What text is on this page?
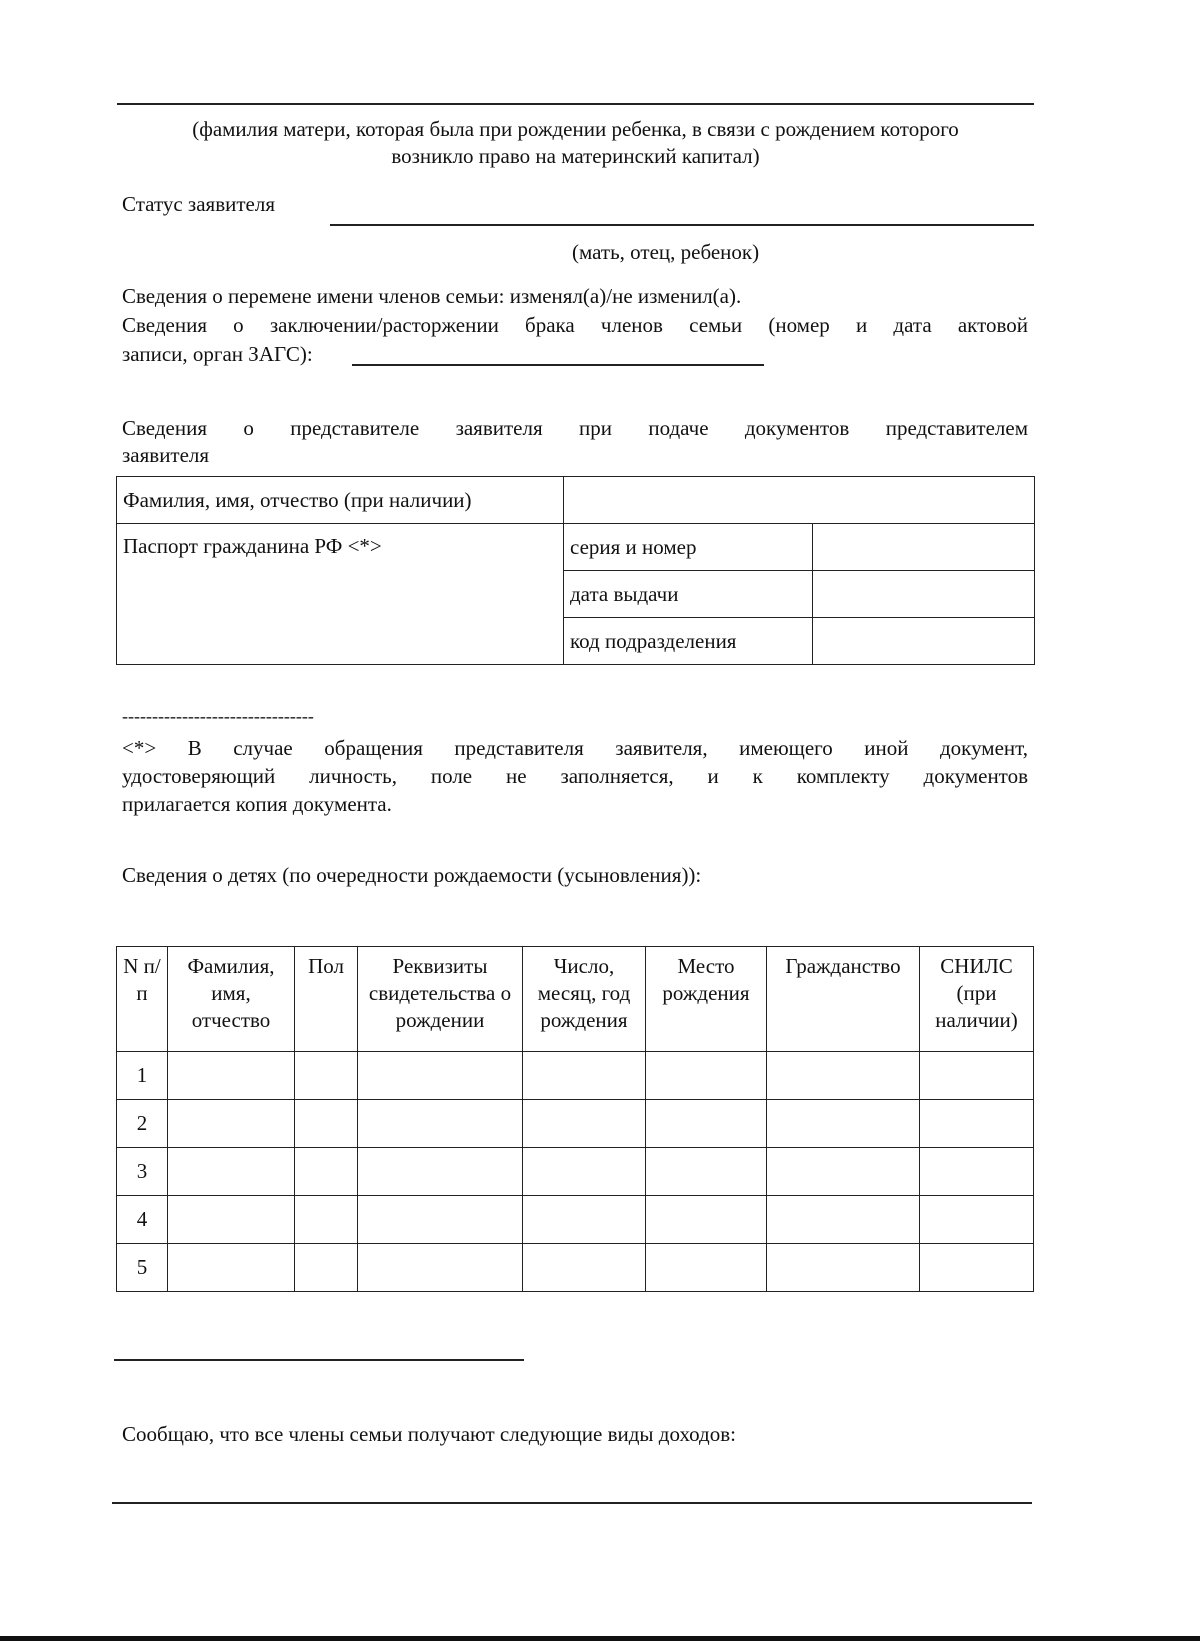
(фамилия матери, которая была при рождении ребенка, в связи с рождением которого
возникло право на материнский капитал)
Статус заявителя
(мать, отец, ребенок)
Сведения о перемене имени членов семьи: изменял(а)/не изменил(а).
Сведения о заключении/расторжении брака членов семьи (номер и дата актовой
записи, орган ЗАГС):
Сведения о представителе заявителя при подаче документов представителем
заявителя
Фамилия, имя, отчество (при наличии)		
Паспорт гражданина РФ <*>	серия и номер	
	дата выдачи	
	код подразделения	
--------------------------------
<*> В случае обращения представителя заявителя, имеющего иной документ,
удостоверяющий личность, поле не заполняется, и к комплекту документов
прилагается копия документа.
Сведения о детях (по очередности рождаемости (усыновления)):
N п/п	Фамилия, имя, отчество	Пол	Реквизиты свидетельства о рождении	Число, месяц, год рождения	Место рождения	Гражданство	СНИЛС (при наличии)
1							
2							
3							
4							
5							
Сообщаю, что все члены семьи получают следующие виды доходов:
